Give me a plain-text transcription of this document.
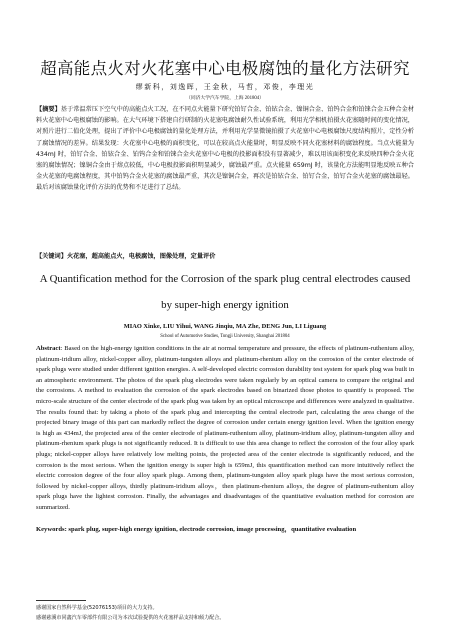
超高能点火对火花塞中心电极腐蚀的量化方法研究
缪新科，刘逸晖，王金秋，马哲，邓俊，李理光
（同济大学汽车学院，上海 201804）
【摘要】基于常温常压下空气中的高能点火工况，在不同点火能量下研究铂钌合金、铂铱合金、镍铜合金、铂钨合金和铂铼合金五种合金材料火花塞中心电极腐蚀的影响。在大气环境下搭建自行研制的火花塞电腐蚀耐久性试验系统，利用光学相机拍摄火花塞随时间的变化情况，对照片进行二值化处理，提出了评价中心电极腐蚀的量化处理方法，并利用光学显微镜拍摄了火花塞中心电极腐蚀尺度结构照片，定性分析了腐蚀情况的差异。结果发现：火花塞中心电极的面积变化，可以在较高点火能量时，明显反映不同火花塞材料的腐蚀程度。当点火能量为 434mJ 时，铂钌合金、铂铱合金、铂钨合金和铂铼合金火花塞中心电极的投影面积没有显著减少，难以用该面积变化来反映四种合金火花塞的腐蚀情况；镍铜合金由于熔点较低，中心电极投影面积明显减少，腐蚀最严重。点火能量 659mJ 时，该量化方法能明显地反映五种合金火花塞的电腐蚀程度，其中铂钨合金火花塞的腐蚀最严重，其次是镍铜合金，再次是铂铱合金、铂钌合金，铂钌合金火花塞的腐蚀最轻。最后对该腐蚀量化评价方法的优势和不足进行了总结。
【关键词】火花塞，超高能点火，电极腐蚀，图像处理，定量评价
A Quantification method for the Corrosion of the spark plug central electrodes caused by super-high energy ignition
MIAO Xinke, LIU Yihui, WANG Jinqiu, MA Zhe, DENG Jun, LI Liguang
School of Automotive Studies, Tongji University, Shanghai 201804
Abstract: Based on the high-energy ignition conditions in the air at normal temperature and pressure, the effects of platinum-ruthenium alloy, platinum-iridium alloy, nickel-copper alloy, platinum-tungsten alloys and platinum-rhenium alloy on the corrosion of the center electrode of spark plugs were studied under different ignition energies. A self-developed electric corrosion durability test system for spark plug was built in an atmospheric environment. The photos of the spark plug electrodes were taken regularly by an optical camera to compare the original and the corrosions. A method to evaluation the corrosion of the spark electrodes based on binarized those photos to quantify is proposed. The micro-scale structure of the center electrode of the spark plug was taken by an optical microscope and differences were analyzed in qualitative. The results found that: by taking a photo of the spark plug and intercepting the central electrode part, calculating the area change of the projected binary image of this part can markedly reflect the degree of corrosion under certain energy ignition level. When the ignition energy is high as 434mJ, the projected area of the center electrode of platinum-ruthenium alloy, platinum-iridium alloy, platinum-tungsten alloy and platinum-rhenium spark plugs is not significantly reduced. It is difficult to use this area change to reflect the corrosion of the four alloy spark plugs; nickel-copper alloys have relatively low melting points, the projected area of the center electrode is significantly reduced, and the corrosion is the most serious. When the ignition energy is super high is 659mJ, this quantification method can more intuitively reflect the electric corrosion degree of the four alloy spark plugs. Among them, platinum-tungsten alloy spark plugs have the most serious corrosion, followed by nickel-copper alloys, thirdly platinum-iridium alloys，then platinum-rhenium alloys, the degree of platinum-ruthenium alloy spark plugs have the lightest corrosion. Finally, the advantages and disadvantages of the quantitative evaluation method for corrosion are summarized.
Keywords: spark plug, super-high energy ignition, electrode corrosion, image processing，quantitative evaluation
感谢国家自然科学基金(52076153)项目的大力支持。
感谢慈溪市同鑫汽车零部件有限公司为本次试验提供的火花塞样品支持和倾力配合。
